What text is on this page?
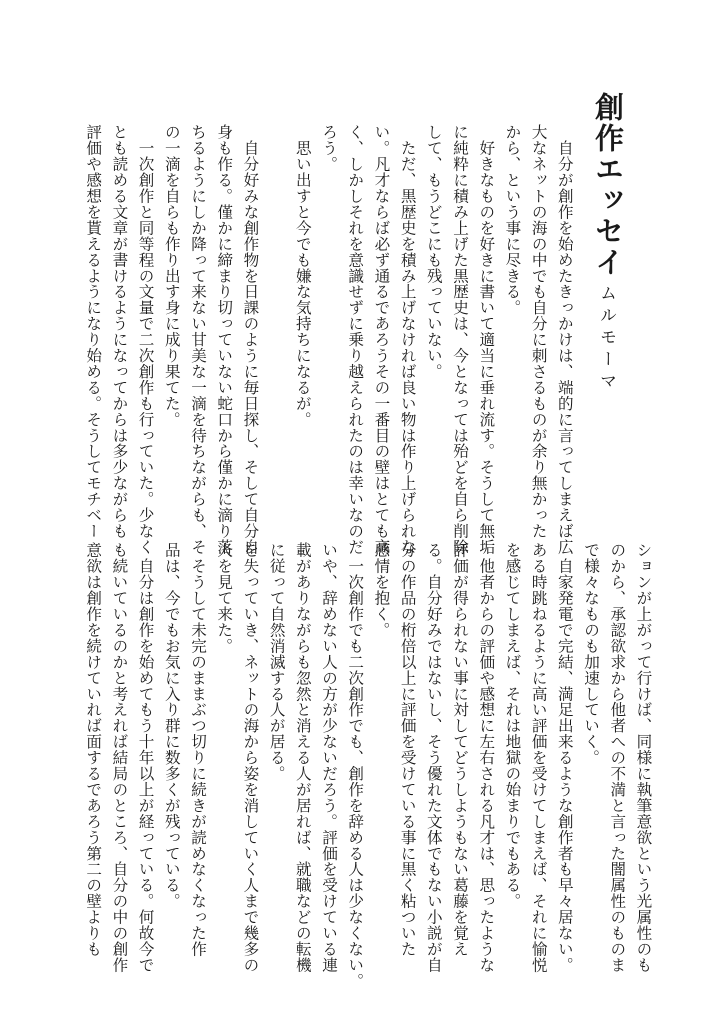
創作エッセイ
ムルモーマ

　自分が創作を始めたきっかけは、端的に言ってしまえば広

大なネットの海の中でも自分に刺さるものが余り無かった

から、という事に尽きる。

　好きなものを好きに書いて適当に垂れ流す。そうして無垢

に純粋に積み上げた黒歴史は、今となっては殆どを自ら削除

して、もうどこにも残っていない。

　ただ、黒歴史を積み上げなければ良い物は作り上げられな

い。凡才ならば必ず通るであろうその一番目の壁はとても高

く、しかしそれを意識せずに乗り越えられたのは幸いなのだ

ろう。

　思い出すと今でも嫌な気持ちになるが。

　自分好みな創作物を日課のように毎日探し、そして自分自

身も作る。僅かに締まり切っていない蛇口から僅かに滴り落

ちるようにしか降って来ない甘美な一滴を待ちながらも、そ

の一滴を自らも作り出す身に成り果てた。

　一次創作と同等程の文量で二次創作も行っていた。少なく

とも読める文章が書けるようになってからは多少ながらも

評価や感想を貰えるようになり始める。そうしてモチベー

ションが上がって行けば、同様に執筆意欲という光属性のも

のから、承認欲求から他者への不満と言った闇属性のものま

で様々なものも加速していく。

　自家発電で完結、満足出来るような創作者も早々居ない。

ある時跳ねるように高い評価を受けてしまえば、それに愉悦

を感じてしまえば、それは地獄の始まりでもある。

　他者からの評価や感想に左右される凡才は、思ったような

評価が得られない事に対してどうしようもない葛藤を覚え

る。自分好みではないし、そう優れた文体でもない小説が自

分の作品の桁倍以上に評価を受けている事に黒く粘ついた

感情を抱く。

　一次創作でも二次創作でも、創作を辞める人は少なくない。

いや、辞めない人の方が少ないだろう。評価を受けている連

載がありながらも忽然と消える人が居れば、就職などの転機

に従って自然消滅する人が居る。

を失っていき、ネットの海から姿を消していく人まで幾多の

人を見て来た。

　そうして未完のままぶつ切りに続きが読めなくなった作

品は、今でもお気に入り群に数多くが残っている。

　自分は創作を始めてもう十年以上が経っている。何故今で

も続いているのかと考えれば結局のところ、自分の中の創作

意欲は創作を続けていれば面するであろう第二の壁よりも
